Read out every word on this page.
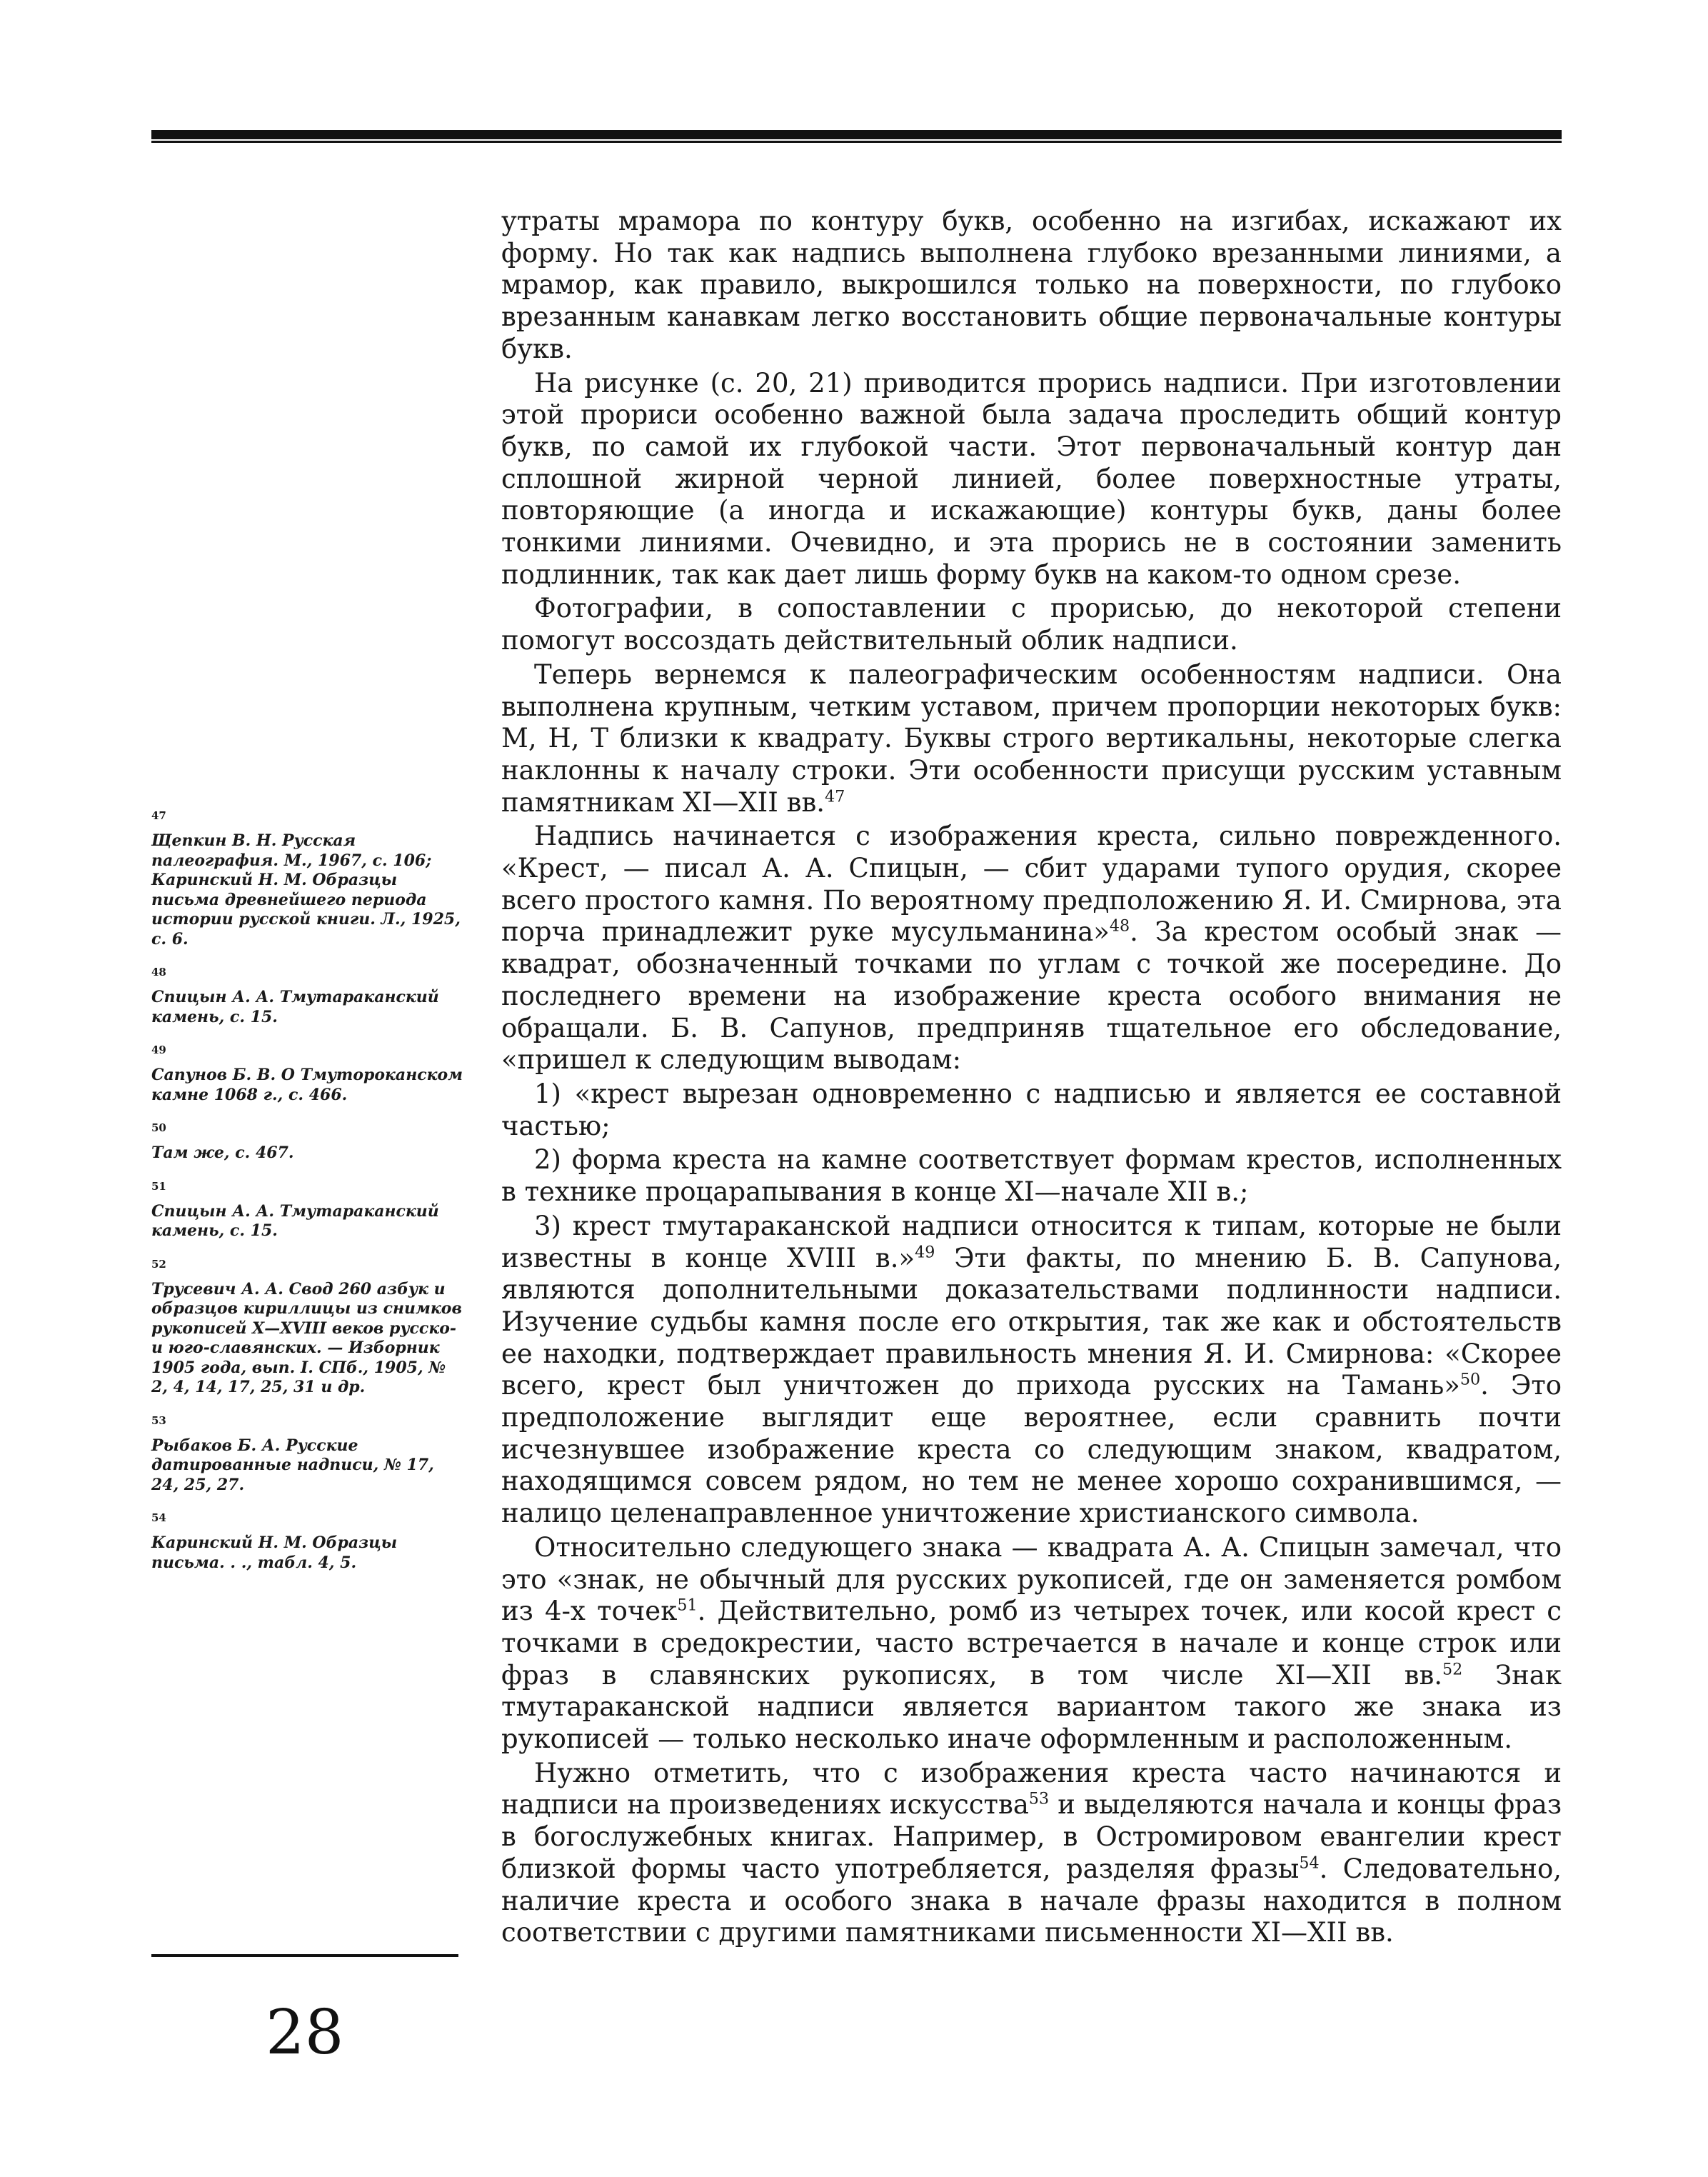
утраты мрамора по контуру букв, особенно на изгибах, искажают их форму. Но так как надпись выполнена глубоко врезанными линиями, а мрамор, как правило, выкрошился только на поверхности, по глубоко врезанным канавкам легко восстановить общие первоначальные контуры букв.

На рисунке (с. 20, 21) приводится прорись надписи. При изготовлении этой прориси особенно важной была задача проследить общий контур букв, по самой их глубокой части. Этот первоначальный контур дан сплошной жирной черной линией, более поверхностные утраты, повторяющие (а иногда и искажающие) контуры букв, даны более тонкими линиями. Очевидно, и эта прорись не в состоянии заменить подлинник, так как дает лишь форму букв на каком-то одном срезе.

Фотографии, в сопоставлении с прорисью, до некоторой степени помогут воссоздать действительный облик надписи.

Теперь вернемся к палеографическим особенностям надписи. Она выполнена крупным, четким уставом, причем пропорции некоторых букв: М, Н, Т близки к квадрату. Буквы строго вертикальны, некоторые слегка наклонны к началу строки. Эти особенности присущи русским уставным памятникам XI—XII вв.$^{47}$

Надпись начинается с изображения креста, сильно поврежденного. «Крест, — писал А. А. Спицын, — сбит ударами тупого орудия, скорее всего простого камня. По вероятному предположению Я. И. Смирнова, эта порча принадлежит руке мусульманина»$^{48}$. За крестом особый знак — квадрат, обозначенный точками по углам с точкой же посередине. До последнего времени на изображение креста особого внимания не обращали. Б. В. Сапунов, предприняв тщательное его обследование, «пришел к следующим выводам:

1) «крест вырезан одновременно с надписью и является ее составной частью;

2) форма креста на камне соответствует формам крестов, исполненных в технике процарапывания в конце XI—начале XII в.;

3) крест тмутараканской надписи относится к типам, которые не были известны в конце XVIII в.»$^{49}$ Эти факты, по мнению Б. В. Сапунова, являются дополнительными доказательствами подлинности надписи. Изучение судьбы камня после его открытия, так же как и обстоятельств ее находки, подтверждает правильность мнения Я. И. Смирнова: «Скорее всего, крест был уничтожен до прихода русских на Тамань»$^{50}$. Это предположение выглядит еще вероятнее, если сравнить почти исчезнувшее изображение креста со следующим знаком, квадратом, находящимся совсем рядом, но тем не менее хорошо сохранившимся, — налицо целенаправленное уничтожение христианского символа.

Относительно следующего знака — квадрата А. А. Спицын замечал, что это «знак, не обычный для русских рукописей, где он заменяется ромбом из 4-х точек$^{51}$. Действительно, ромб из четырех точек, или косой крест с точками в средокрестии, часто встречается в начале и конце строк или фраз в славянских рукописях, в том числе XI—XII вв.$^{52}$ Знак тмутараканской надписи является вариантом такого же знака из рукописей — только несколько иначе оформленным и расположенным.

Нужно отметить, что с изображения креста часто начинаются и надписи на произведениях искусства$^{53}$ и выделяются начала и концы фраз в богослужебных книгах. Например, в Остромировом евангелии крест близкой формы часто употребляется, разделяя фразы$^{54}$. Следовательно, наличие креста и особого знака в начале фразы находится в полном соответствии с другими памятниками письменности XI—XII вв.

47
Щепкин В. Н. Русская палеография. М., 1967, с. 106; Каринский Н. М. Образцы письма древнейшего периода истории русской книги. Л., 1925, с. 6.
48
Спицын А. А. Тмутараканский камень, с. 15.
49
Сапунов Б. В. О Тмутороканском камне 1068 г., с. 466.
50
Там же, с. 467.
51
Спицын А. А. Тмутараканский камень, с. 15.
52
Трусевич А. А. Свод 260 азбук и образцов кириллицы из снимков рукописей X—XVIII веков русско- и юго-славянских. — Изборник 1905 года, вып. I. СПб., 1905, № 2, 4, 14, 17, 25, 31 и др.
53
Рыбаков Б. А. Русские датированные надписи, № 17, 24, 25, 27.
54
Каринский Н. М. Образцы письма. . ., табл. 4, 5.
28
